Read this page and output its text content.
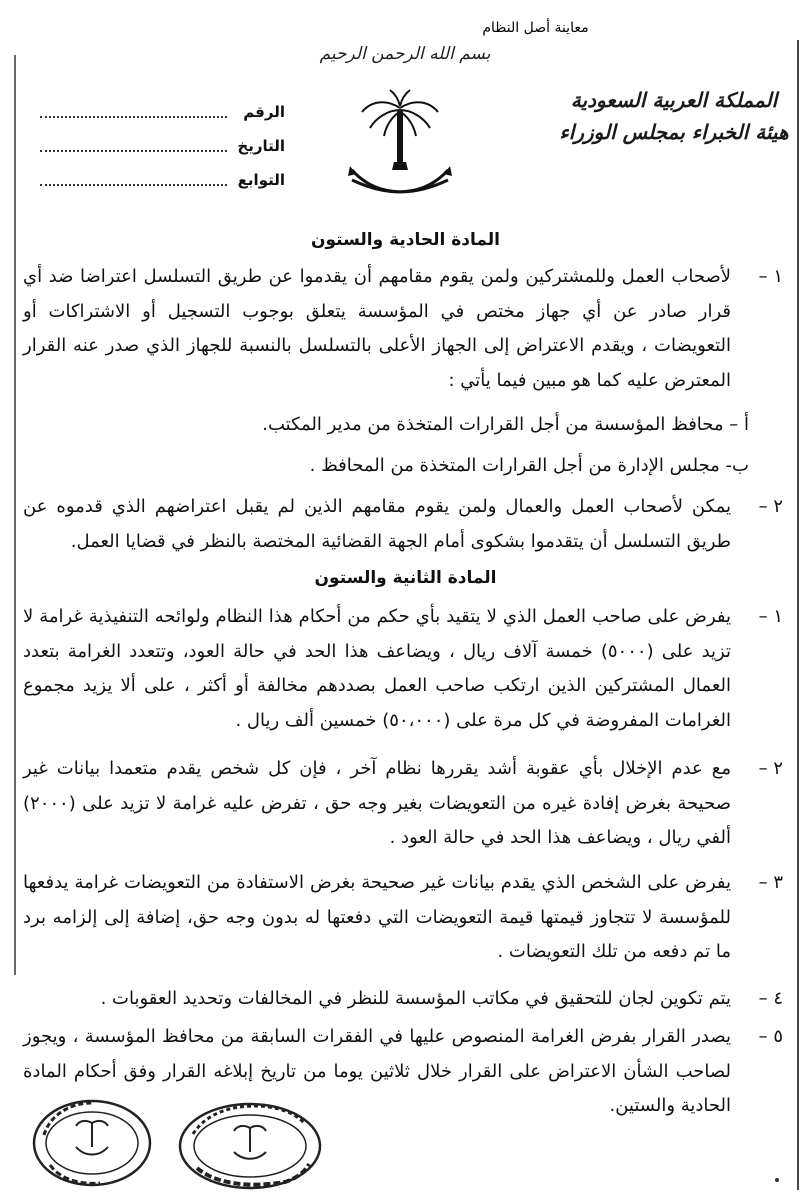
معاينة أصل النظام
بسم الله الرحمن الرحيم
المملكة العربية السعودية
هيئة الخبراء بمجلس الوزراء
الرقم
التاريخ
التوابع
المادة الحادية والستون
١ –
لأصحاب العمل وللمشتركين ولمن يقوم مقامهم أن يقدموا عن طريق التسلسل اعتراضا ضد أي قرار صادر عن أي جهاز مختص في المؤسسة يتعلق بوجوب التسجيل أو الاشتراكات أو التعويضات ، ويقدم الاعتراض إلى الجهاز الأعلى بالتسلسل بالنسبة للجهاز الذي صدر عنه القرار المعترض عليه كما هو مبين فيما يأتي :
أ – محافظ المؤسسة من أجل القرارات المتخذة من مدير المكتب.
ب- مجلس الإدارة من أجل القرارات المتخذة من المحافظ .
٢ –
يمكن لأصحاب العمل والعمال ولمن يقوم مقامهم الذين لم يقبل اعتراضهم الذي قدموه عن طريق التسلسل أن يتقدموا بشكوى أمام الجهة القضائية المختصة بالنظر في قضايا العمل.
المادة الثانية والستون
١ –
يفرض على صاحب العمل الذي لا يتقيد بأي حكم من أحكام هذا النظام ولوائحه التنفيذية غرامة لا تزيد على (٥٠٠٠) خمسة آلاف ريال ، ويضاعف هذا الحد في حالة العود، وتتعدد الغرامة بتعدد العمال المشتركين الذين ارتكب صاحب العمل بصددهم مخالفة أو أكثر ، على ألا يزيد مجموع الغرامات المفروضة في كل مرة على (٥٠،٠٠٠) خمسين ألف ريال .
٢ –
مع عدم الإخلال بأي عقوبة أشد يقررها نظام آخر ، فإن كل شخص يقدم متعمدا بيانات غير صحيحة بغرض إفادة غيره من التعويضات بغير وجه حق ، تفرض عليه غرامة لا تزيد على (٢٠٠٠) ألفي ريال ، ويضاعف هذا الحد في حالة العود .
٣ –
يفرض على الشخص الذي يقدم بيانات غير صحيحة بغرض الاستفادة من التعويضات غرامة يدفعها للمؤسسة لا تتجاوز قيمتها قيمة التعويضات التي دفعتها له بدون وجه حق، إضافة إلى إلزامه برد ما تم دفعه من تلك التعويضات .
٤ –
يتم تكوين لجان للتحقيق في مكاتب المؤسسة للنظر في المخالفات وتحديد العقوبات .
٥ –
يصدر القرار بفرض الغرامة المنصوص عليها في الفقرات السابقة من محافظ المؤسسة ، ويجوز لصاحب الشأن الاعتراض على القرار خلال ثلاثين يوما من تاريخ إبلاغه القرار وفق أحكام المادة الحادية والستين.
